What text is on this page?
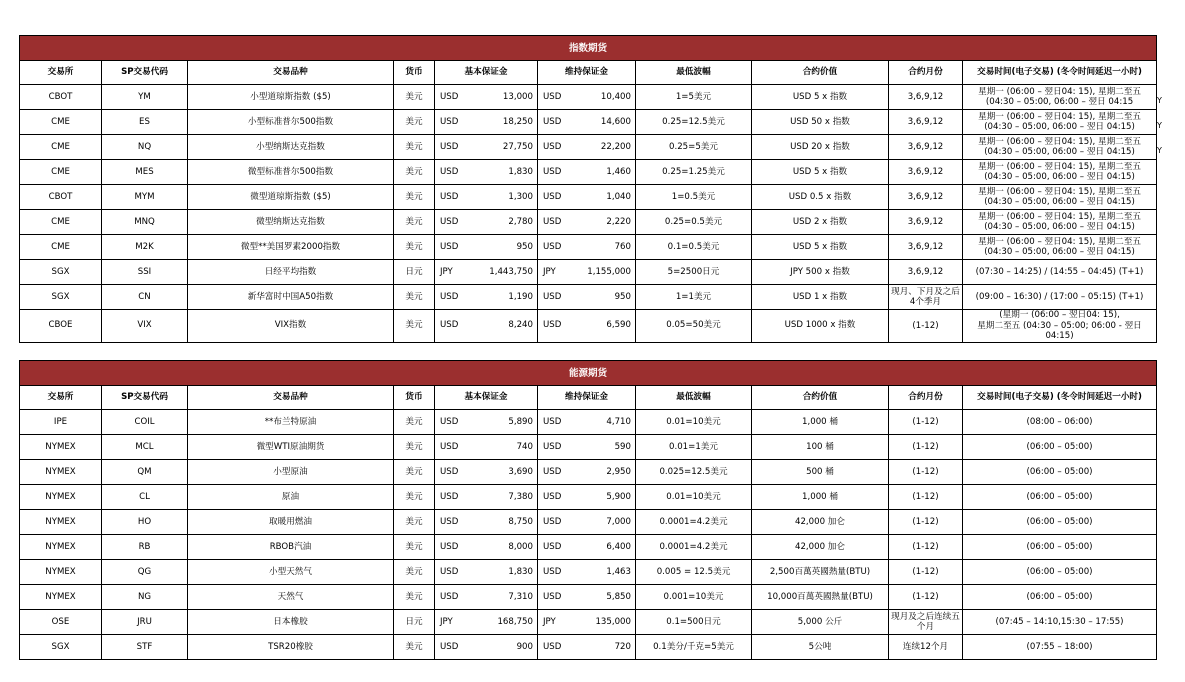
指数期货											
交易所	SP交易代码	交易品种	货币	基本保证金		维持保证金		最低波幅	合约价值	合约月份	交易时间(电子交易) (冬令时间延迟一小时)
CBOT	YM	小型道琼斯指数 ($5)	美元	USD	13,000	USD	10,400	1=5美元	USD 5 x 指数	3,6,9,12	星期一 (06:00 – 翌日04: 15), 星期二至五
(04:30 – 05:00, 06:00 – 翌日 04:15

CME	ES	小型标准普尔500指数	美元	USD	18,250	USD	14,600	0.25=12.5美元	USD 50 x 指数	3,6,9,12	星期一 (06:00 – 翌日04: 15), 星期二至五
(04:30 – 05:00, 06:00 – 翌日 04:15)

CME	NQ	小型纳斯达克指数	美元	USD	27,750	USD	22,200	0.25=5美元	USD 20 x 指数	3,6,9,12	星期一 (06:00 – 翌日04: 15), 星期二至五
(04:30 – 05:00, 06:00 – 翌日 04:15)

CME	MES	微型标准普尔500指数	美元	USD	1,830	USD	1,460	0.25=1.25美元	USD 5 x 指数	3,6,9,12	星期一 (06:00 – 翌日04: 15), 星期二至五
(04:30 – 05:00, 06:00 – 翌日 04:15)

CBOT	MYM	微型道琼斯指数 ($5)	美元	USD	1,300	USD	1,040	1=0.5美元	USD 0.5 x 指数	3,6,9,12	星期一 (06:00 – 翌日04: 15), 星期二至五
(04:30 – 05:00, 06:00 – 翌日 04:15)

CME	MNQ	微型纳斯达克指数	美元	USD	2,780	USD	2,220	0.25=0.5美元	USD 2 x 指数	3,6,9,12	星期一 (06:00 – 翌日04: 15), 星期二至五
(04:30 – 05:00, 06:00 – 翌日 04:15)

CME	M2K	微型**美国罗素2000指数	美元	USD	950	USD	760	0.1=0.5美元	USD 5 x 指数	3,6,9,12	星期一 (06:00 – 翌日04: 15), 星期二至五
(04:30 – 05:00, 06:00 – 翌日 04:15)

SGX	SSI	日经平均指数	日元	JPY	1,443,750	JPY	1,155,000	5=2500日元	JPY 500 x 指数	3,6,9,12	(07:30 – 14:25) / (14:55 – 04:45) (T+1)

SGX	CN	新华富时中国A50指数	美元	USD	1,190	USD	950	1=1美元	USD 1 x 指数	现月、下月及之后4个季月	(09:00 – 16:30) / (17:00 – 05:15) (T+1)

CBOE	VIX	VIX指数	美元	USD	8,240	USD	6,590	0.05=50美元	USD 1000 x 指数	(1-12)	(星期一 (06:00 – 翌日04: 15),
星期二至五 (04:30 – 05:00; 06:00 - 翌日04:15)
能源期货											
交易所	SP交易代码	交易品种	货币	基本保证金		维持保证金		最低波幅	合约价值	合约月份	交易时间(电子交易) (冬令时间延迟一小时)
IPE	COIL	**布兰特原油	美元	USD	5,890	USD	4,710	0.01=10美元	1,000 桶	(1-12)	(08:00 – 06:00)

NYMEX	MCL	微型WTI原油期货	美元	USD	740	USD	590	0.01=1美元	100 桶	(1-12)	(06:00 – 05:00)

NYMEX	QM	小型原油	美元	USD	3,690	USD	2,950	0.025=12.5美元	500 桶	(1-12)	(06:00 – 05:00)

NYMEX	CL	原油	美元	USD	7,380	USD	5,900	0.01=10美元	1,000 桶	(1-12)	(06:00 – 05:00)

NYMEX	HO	取暖用燃油	美元	USD	8,750	USD	7,000	0.0001=4.2美元	42,000 加仑	(1-12)	(06:00 – 05:00)

NYMEX	RB	RBOB汽油	美元	USD	8,000	USD	6,400	0.0001=4.2美元	42,000 加仑	(1-12)	(06:00 – 05:00)

NYMEX	QG	小型天然气	美元	USD	1,830	USD	1,463	0.005 = 12.5美元	2,500百萬英國熱量(BTU)	(1-12)	(06:00 – 05:00)

NYMEX	NG	天然气	美元	USD	7,310	USD	5,850	0.001=10美元	10,000百萬英國熱量(BTU)	(1-12)	(06:00 – 05:00)

OSE	JRU	日本橡胶	日元	JPY	168,750	JPY	135,000	0.1=500日元	5,000 公斤	现月及之后连续五个月	(07:45 – 14:10,15:30 – 17:55)

SGX	STF	TSR20橡胶	美元	USD	900	USD	720	0.1美分/千克=5美元	5公吨	连续12个月	(07:55 – 18:00)
Y
Y
Y
